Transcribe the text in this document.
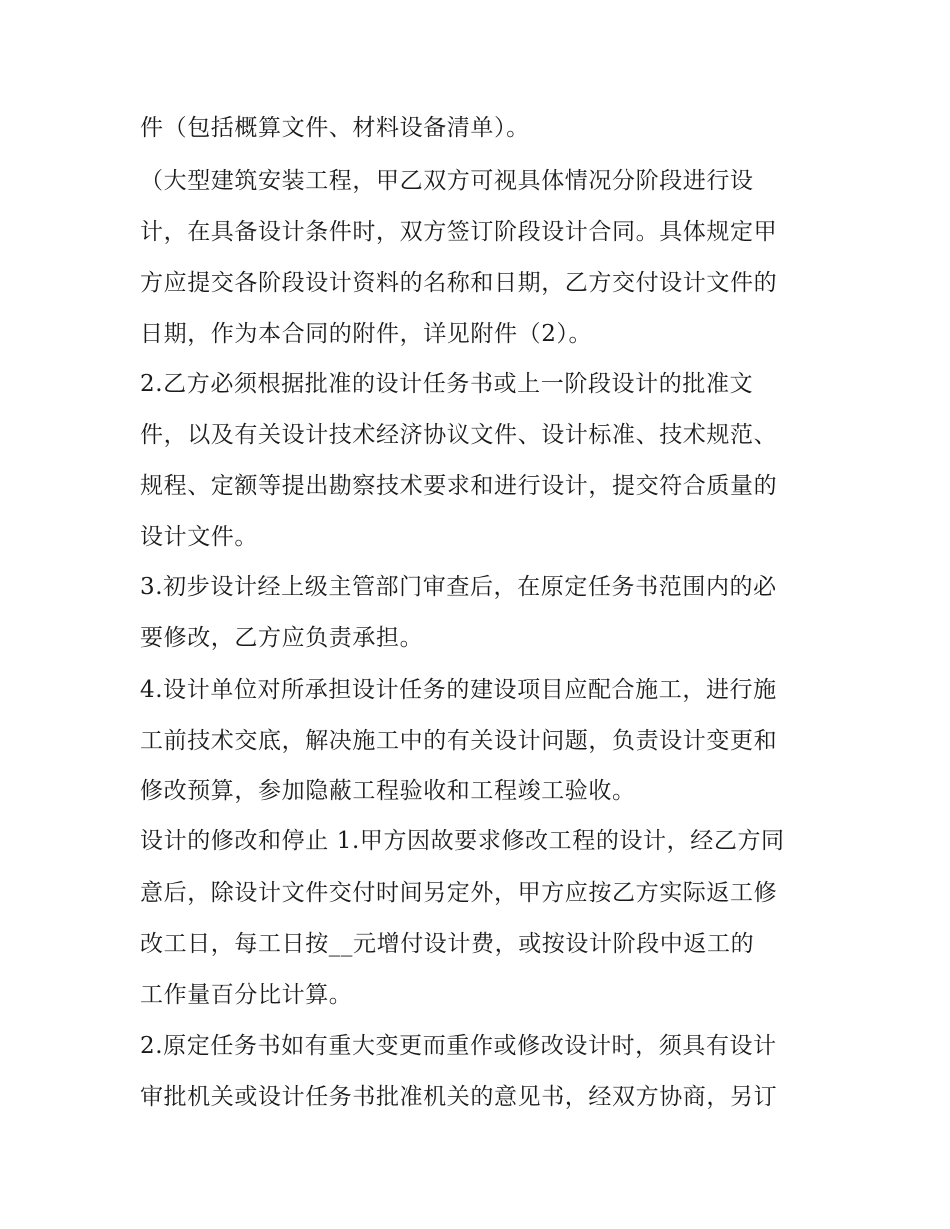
件（包括概算文件、材料设备清单）。

（大型建筑安装工程，甲乙双方可视具体情况分阶段进行设

计，在具备设计条件时，双方签订阶段设计合同。具体规定甲

方应提交各阶段设计资料的名称和日期，乙方交付设计文件的

日期，作为本合同的附件，详见附件（2）。

2.乙方必须根据批准的设计任务书或上一阶段设计的批准文

件，以及有关设计技术经济协议文件、设计标准、技术规范、

规程、定额等提出勘察技术要求和进行设计，提交符合质量的

设计文件。

3.初步设计经上级主管部门审查后，在原定任务书范围内的必

要修改，乙方应负责承担。

4.设计单位对所承担设计任务的建设项目应配合施工，进行施

工前技术交底，解决施工中的有关设计问题，负责设计变更和

修改预算，参加隐蔽工程验收和工程竣工验收。

设计的修改和停止 1.甲方因故要求修改工程的设计，经乙方同

意后，除设计文件交付时间另定外，甲方应按乙方实际返工修

改工日，每工日按__元增付设计费，或按设计阶段中返工的

工作量百分比计算。

2.原定任务书如有重大变更而重作或修改设计时，须具有设计

审批机关或设计任务书批准机关的意见书，经双方协商，另订
